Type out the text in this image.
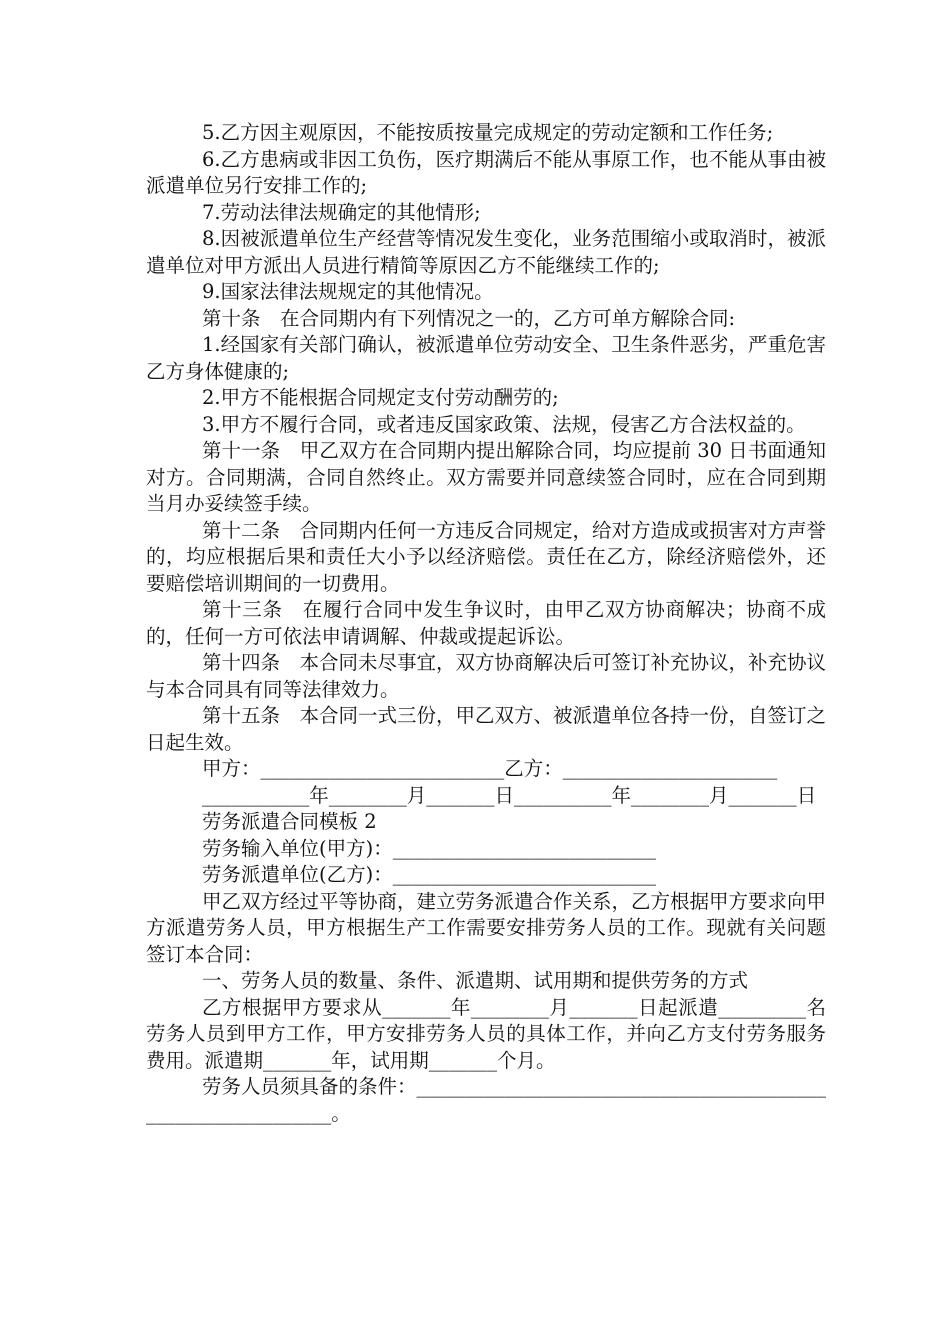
5.乙方因主观原因，不能按质按量完成规定的劳动定额和工作任务;

6.乙方患病或非因工负伤，医疗期满后不能从事原工作，也不能从事由被派遣单位另行安排工作的;

7.劳动法律法规确定的其他情形;

8.因被派遣单位生产经营等情况发生变化，业务范围缩小或取消时，被派遣单位对甲方派出人员进行精简等原因乙方不能继续工作的;

9.国家法律法规规定的其他情况。

第十条　在合同期内有下列情况之一的，乙方可单方解除合同:

1.经国家有关部门确认，被派遣单位劳动安全、卫生条件恶劣，严重危害乙方身体健康的;

2.甲方不能根据合同规定支付劳动酬劳的;

3.甲方不履行合同，或者违反国家政策、法规，侵害乙方合法权益的。

第十一条　甲乙双方在合同期内提出解除合同，均应提前 30 日书面通知对方。合同期满，合同自然终止。双方需要并同意续签合同时，应在合同到期当月办妥续签手续。

第十二条　合同期内任何一方违反合同规定，给对方造成或损害对方声誉的，均应根据后果和责任大小予以经济赔偿。责任在乙方，除经济赔偿外，还要赔偿培训期间的一切费用。

第十三条　在履行合同中发生争议时，由甲乙双方协商解决；协商不成的，任何一方可依法申请调解、仲裁或提起诉讼。

第十四条　本合同未尽事宜，双方协商解决后可签订补充协议，补充协议与本合同具有同等法律效力。

第十五条　本合同一式三份，甲乙双方、被派遣单位各持一份，自签订之日起生效。

甲方：_________________________乙方：______________________

___________年________月_______日__________年________月_______日

劳务派遣合同模板 2

劳务输入单位(甲方)：___________________________

劳务派遣单位(乙方)：___________________________

甲乙双方经过平等协商，建立劳务派遣合作关系，乙方根据甲方要求向甲方派遣劳务人员，甲方根据生产工作需要安排劳务人员的工作。现就有关问题签订本合同：

一、劳务人员的数量、条件、派遣期、试用期和提供劳务的方式

乙方根据甲方要求从_______年________月_______日起派遣_________名劳务人员到甲方工作，甲方安排劳务人员的具体工作，并向乙方支付劳务服务费用。派遣期_______年，试用期_______个月。

劳务人员须具备的条件：_____________________________________________________________。
